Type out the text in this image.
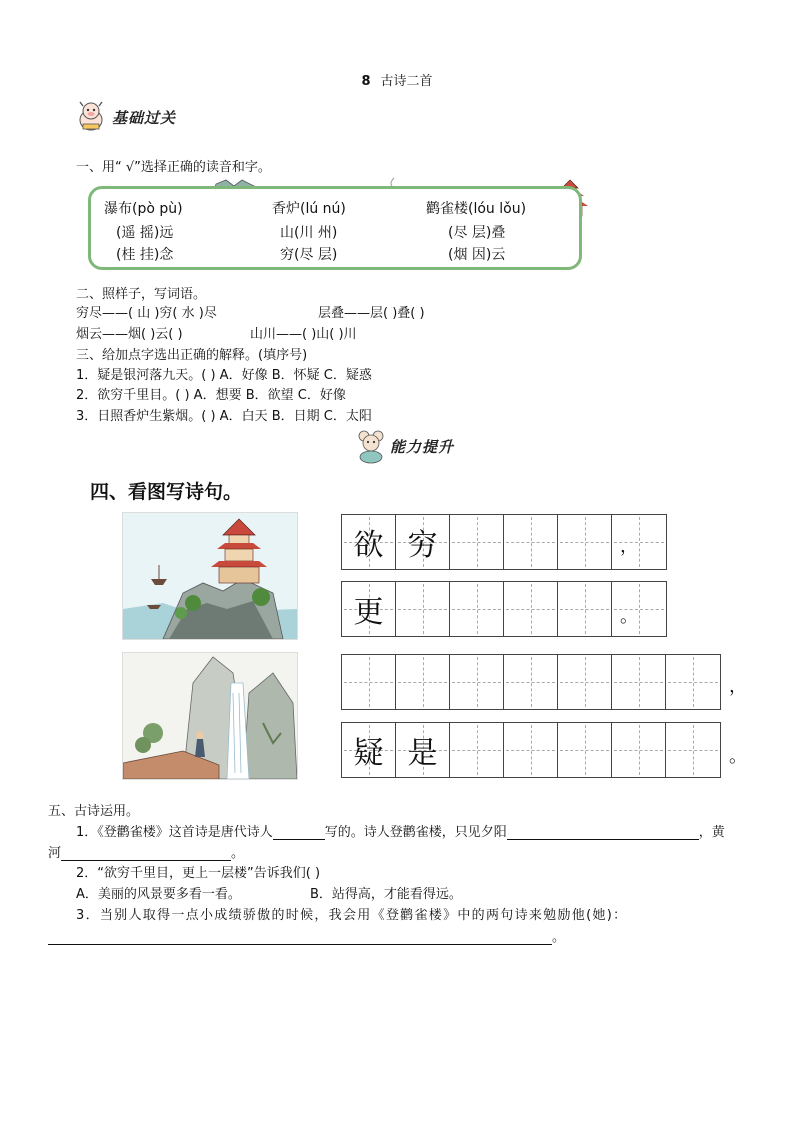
8 古诗二首
基础过关
一、用“ √”选择正确的读音和字。
瀑布(pò pù)	香炉(lú nú)	鹳雀楼(lóu lǒu)
(遥 摇)远	山(川 州)	(尽 层)叠
(桂 挂)念	穷(尽 层)	(烟 因)云
二、照样子，写词语。
穷尽——( 山 )穷( 水 )尽	层叠——层( )叠( )
烟云——烟( )云( )	山川——( )山( )川
三、给加点字选出正确的解释。(填序号)
1．疑是银河落九天。( ) A．好像 B．怀疑 C．疑惑
2．欲穷千里目。( ) A．想要 B．欲望 C．好像
3．日照香炉生紫烟。( ) A．白天 B．日期 C．太阳
能力提升
四、看图写诗句。
欲 穷	，
更	。
，
疑 是	。
五、古诗运用。
1．《登鹳雀楼》这首诗是唐代诗人	写的。诗人登鹳雀楼，只见夕阳	，黄
河	。
2．“欲穷千里目，更上一层楼”告诉我们( )
A．美丽的风景要多看一看。	B．站得高，才能看得远。
3．当别人取得一点小成绩骄傲的时候，我会用《登鹳雀楼》中的两句诗来勉励他(她)：
。
